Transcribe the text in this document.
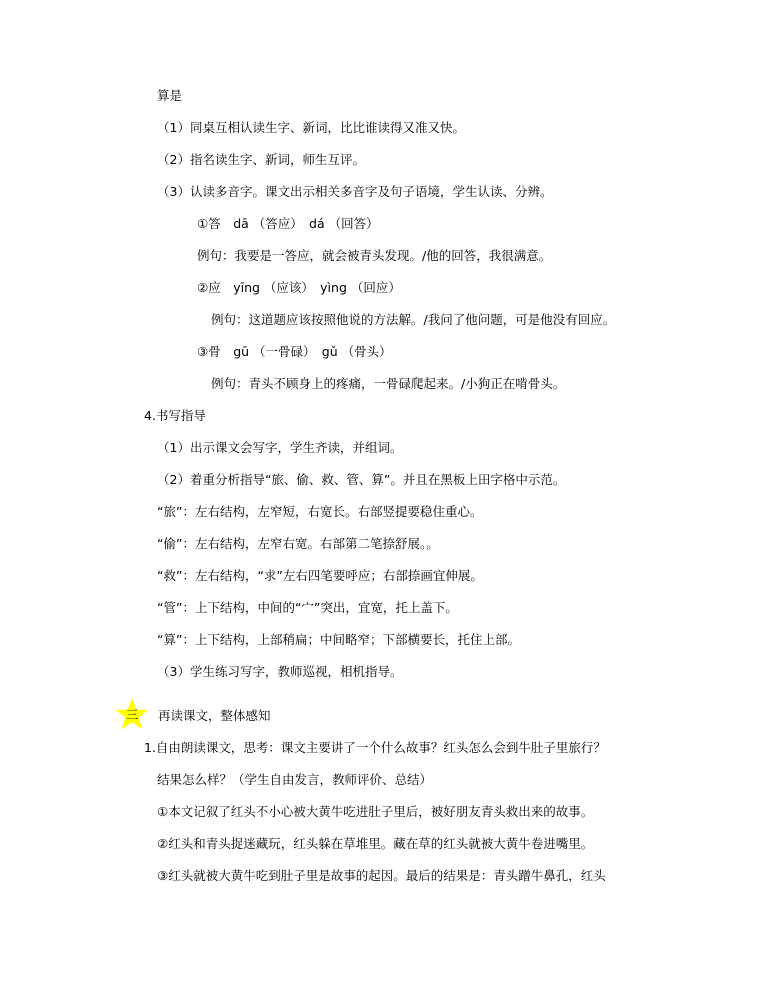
算是
（1）同桌互相认读生字、新词，比比谁读得又准又快。
（2）指名读生字、新词，师生互评。
（3）认读多音字。课文出示相关多音字及句子语境，学生认读、分辨。
①答　dā （答应）　dá （回答）
例句：我要是一答应，就会被青头发现。/他的回答，我很满意。
②应　yīng （应该）　yìng （回应）
例句：这道题应该按照他说的方法解。/我问了他问题，可是他没有回应。
③骨　gū （一骨碌）　gǔ （骨头）
例句：青头不顾身上的疼痛，一骨碌爬起来。/小狗正在啃骨头。
4.书写指导
（1）出示课文会写字，学生齐读，并组词。
（2）着重分析指导“旅、偷、救、管、算”。并且在黑板上田字格中示范。
“旅”：左右结构，左窄短，右宽长。右部竖提要稳住重心。
“偷”：左右结构，左窄右宽。右部第二笔捺舒展。。
“救”：左右结构，“求”左右四笔要呼应；右部捺画宜伸展。
“管”：上下结构，中间的“宀”突出，宜宽，托上盖下。
“算”：上下结构，上部稍扁；中间略窄；下部横要长，托住上部。
（3）学生练习写字，教师巡视，相机指导。
三	再读课文，整体感知
1.自由朗读课文，思考：课文主要讲了一个什么故事？红头怎么会到牛肚子里旅行？
结果怎么样？（学生自由发言，教师评价、总结）
①本文记叙了红头不小心被大黄牛吃进肚子里后，被好朋友青头救出来的故事。
②红头和青头捉迷藏玩，红头躲在草堆里。藏在草的红头就被大黄牛卷进嘴里。
③红头就被大黄牛吃到肚子里是故事的起因。最后的结果是：青头蹭牛鼻孔，红头
